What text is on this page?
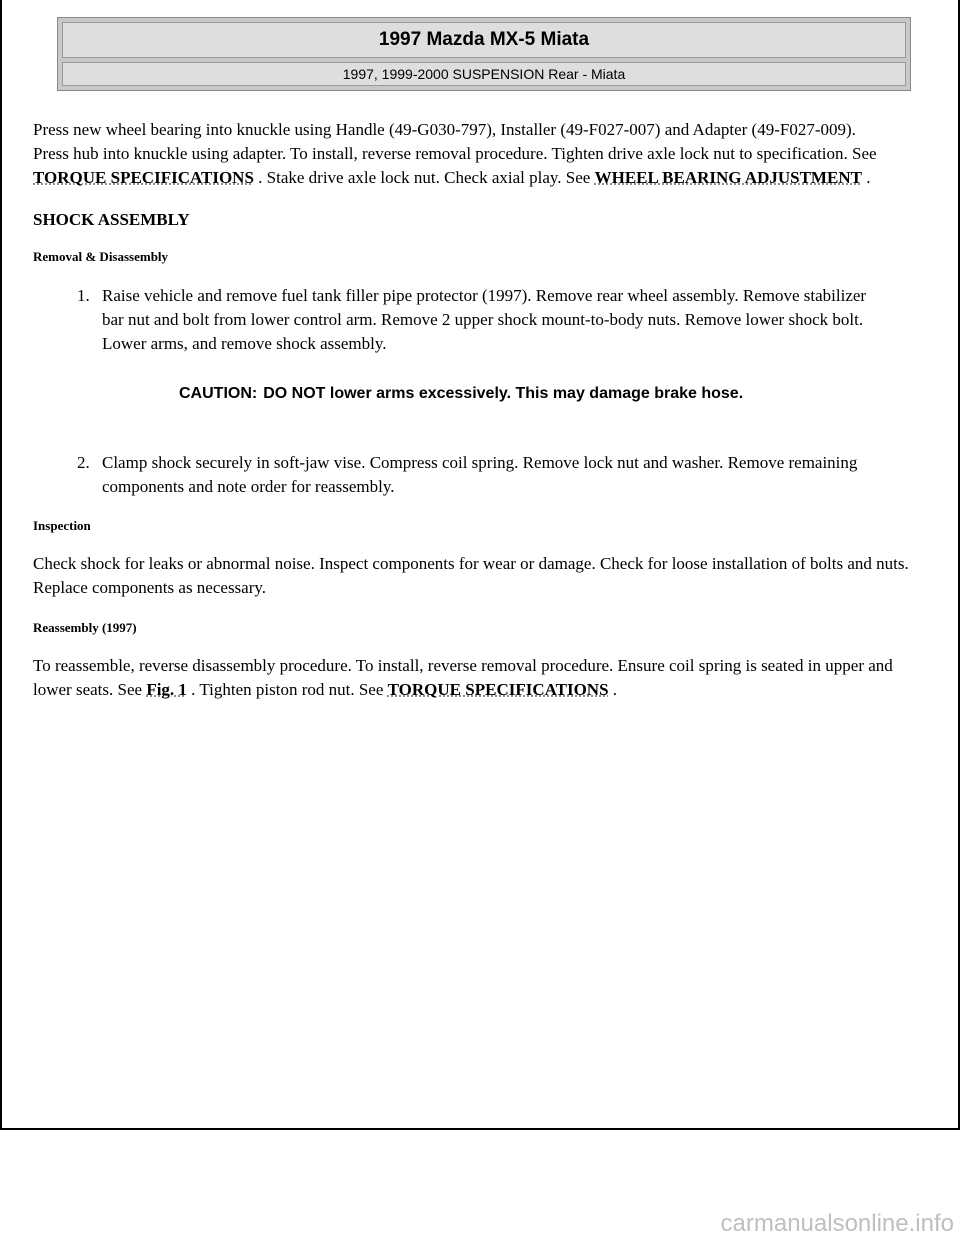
1997 Mazda MX-5 Miata
1997, 1999-2000 SUSPENSION Rear - Miata

Press new wheel bearing into knuckle using Handle (49-G030-797), Installer (49-F027-007) and Adapter (49-F027-009). Press hub into knuckle using adapter. To install, reverse removal procedure. Tighten drive axle lock nut to specification. See TORQUE SPECIFICATIONS . Stake drive axle lock nut. Check axial play. See WHEEL BEARING ADJUSTMENT .

SHOCK ASSEMBLY
Removal & Disassembly
1. Raise vehicle and remove fuel tank filler pipe protector (1997). Remove rear wheel assembly. Remove stabilizer bar nut and bolt from lower control arm. Remove 2 upper shock mount-to-body nuts. Remove lower shock bolt. Lower arms, and remove shock assembly.
CAUTION: DO NOT lower arms excessively. This may damage brake hose.
2. Clamp shock securely in soft-jaw vise. Compress coil spring. Remove lock nut and washer. Remove remaining components and note order for reassembly.
Inspection

Check shock for leaks or abnormal noise. Inspect components for wear or damage. Check for loose installation of bolts and nuts. Replace components as necessary.

Reassembly (1997)

To reassemble, reverse disassembly procedure. To install, reverse removal procedure. Ensure coil spring is seated in upper and lower seats. See Fig. 1 . Tighten piston rod nut. See TORQUE SPECIFICATIONS .

carmanualsonline.info
